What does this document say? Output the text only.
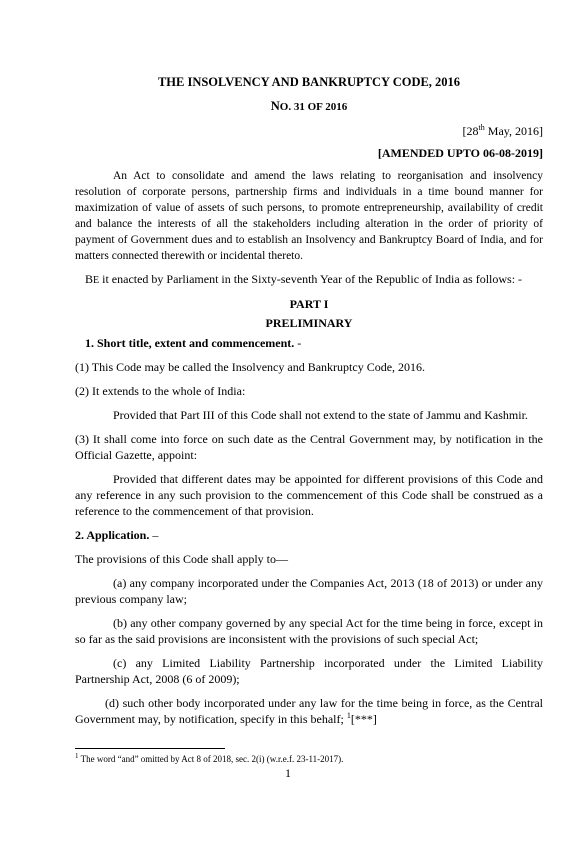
THE INSOLVENCY AND BANKRUPTCY CODE, 2016

NO. 31 OF 2016

[28th May, 2016]

[AMENDED UPTO 06-08-2019]

An Act to consolidate and amend the laws relating to reorganisation and insolvency resolution of corporate persons, partnership firms and individuals in a time bound manner for maximization of value of assets of such persons, to promote entrepreneurship, availability of credit and balance the interests of all the stakeholders including alteration in the order of priority of payment of Government dues and to establish an Insolvency and Bankruptcy Board of India, and for matters connected therewith or incidental thereto.

BE it enacted by Parliament in the Sixty-seventh Year of the Republic of India as follows: -

PART I

PRELIMINARY

1. Short title, extent and commencement. -

(1) This Code may be called the Insolvency and Bankruptcy Code, 2016.

(2) It extends to the whole of India:

Provided that Part III of this Code shall not extend to the state of Jammu and Kashmir.

(3) It shall come into force on such date as the Central Government may, by notification in the Official Gazette, appoint:

Provided that different dates may be appointed for different provisions of this Code and any reference in any such provision to the commencement of this Code shall be construed as a reference to the commencement of that provision.

2. Application. –

The provisions of this Code shall apply to—

(a) any company incorporated under the Companies Act, 2013 (18 of 2013) or under any previous company law;

(b) any other company governed by any special Act for the time being in force, except in so far as the said provisions are inconsistent with the provisions of such special Act;

(c) any Limited Liability Partnership incorporated under the Limited Liability Partnership Act, 2008 (6 of 2009);

(d) such other body incorporated under any law for the time being in force, as the Central Government may, by notification, specify in this behalf; $^1$[***]

$^1$ The word “and” omitted by Act 8 of 2018, sec. 2(i) (w.r.e.f. 23-11-2017).

1
